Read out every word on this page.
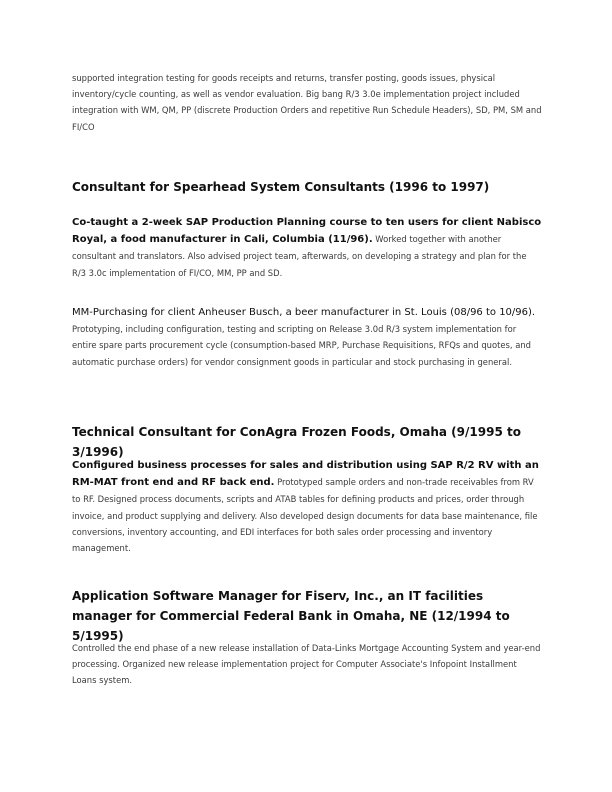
supported integration testing for goods receipts and returns, transfer posting, goods issues, physical inventory/cycle counting, as well as vendor evaluation. Big bang R/3 3.0e implementation project included integration with WM, QM, PP (discrete Production Orders and repetitive Run Schedule Headers), SD, PM, SM and FI/CO
Consultant for Spearhead System Consultants (1996 to 1997)
Co-taught a 2-week SAP Production Planning course to ten users for client Nabisco Royal, a food manufacturer in Cali, Columbia (11/96). Worked together with another consultant and translators. Also advised project team, afterwards, on developing a strategy and plan for the R/3 3.0c implementation of FI/CO, MM, PP and SD.
MM-Purchasing for client Anheuser Busch, a beer manufacturer in St. Louis (08/96 to 10/96). Prototyping, including configuration, testing and scripting on Release 3.0d R/3 system implementation for entire spare parts procurement cycle (consumption-based MRP, Purchase Requisitions, RFQs and quotes, and automatic purchase orders) for vendor consignment goods in particular and stock purchasing in general.
Technical Consultant for ConAgra Frozen Foods, Omaha (9/1995 to 3/1996)
Configured business processes for sales and distribution using SAP R/2 RV with an RM-MAT front end and RF back end. Prototyped sample orders and non-trade receivables from RV to RF. Designed process documents, scripts and ATAB tables for defining products and prices, order through invoice, and product supplying and delivery. Also developed design documents for data base maintenance, file conversions, inventory accounting, and EDI interfaces for both sales order processing and inventory management.
Application Software Manager for Fiserv, Inc., an IT facilities manager for Commercial Federal Bank in Omaha, NE (12/1994 to 5/1995)
Controlled the end phase of a new release installation of Data-Links Mortgage Accounting System and year-end processing. Organized new release implementation project for Computer Associate's Infopoint Installment Loans system.
